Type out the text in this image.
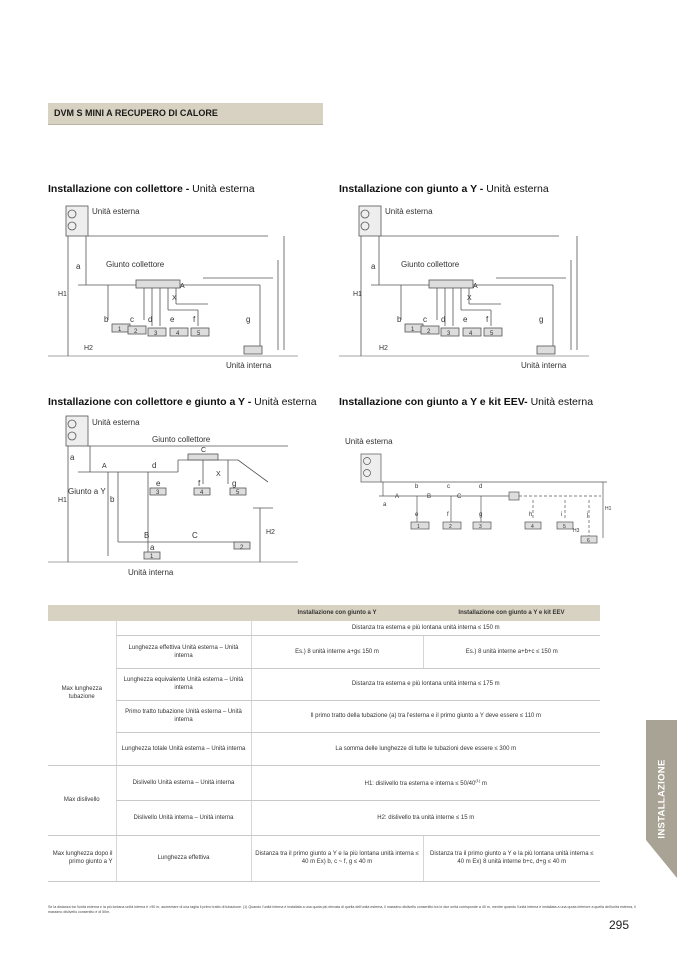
DVM S MINI A RECUPERO DI CALORE
Installazione con collettore - Unità esterna	Installazione con giunto a Y - Unità esterna
Installazione con collettore e giunto a Y - Unità esterna Installazione con giunto a Y e kit EEV- Unità esterna
Unità esterna
Giunto collettore
a
A
X
H1
H2
b	c d e f	g
1 2	3	4	5
Unità interna
Unità esterna
Giunto collettore
a
A
X
H1
H2
b	c d e f	g
1 2	3	4	5
Unità interna
Unità esterna
Giunto collettore
a
A
C
d
X
Giunto a Y
H1	b
e	f	g
3	4	5
B	C
a
1
2
H2
Unità interna
Unità esterna
a
A
b
B
c
C
d
e	f	g	h	i	j
1	2	3	4	5
6
H3
H1
		Installazione con giunto a Y	Installazione con giunto a Y e kit EEV
Max lunghezza tubazione		Distanza tra esterna e più lontana unità interna ≤ 150 m	
	Lunghezza effettiva Unità esterna – Unità interna	Es.) 8 unità interne a+g≤ 150 m	Es.) 8 unità interne a+b+c ≤ 150 m
	Lunghezza equivalente Unità esterna – Unità interna	Distanza tra esterna e più lontana unità interna ≤ 175 m	
	Primo tratto tubazione Unità esterna – Unità interna	Il primo tratto della tubazione (a) tra l'esterna e il primo giunto a Y deve essere ≤ 110 m	
	Lunghezza totale Unità esterna – Unità interna	La somma delle lunghezze di tutte le tubazioni deve essere ≤ 300 m	
Max dislivello	Dislivello Unità esterna – Unità interna	H1: dislivello tra esterna e interna ≤ $50/40^{(1)}$ m	
	Dislivello Unità interna – Unità interna	H2: dislivello tra unità interne ≤ 15 m	
Max lunghezza dopo il primo giunto a Y	Lunghezza effettiva	Distanza tra il primo giunto a Y e la più lontana unità interna ≤ 40 m Ex) b, c ~ f, g ≤ 40 m	Distanza tra il primo giunto a Y e la più lontana unità interna ≤ 40 m Ex) 8 unità interne b+c, d+g ≤ 40 m
Se la distanza tra l'unità esterna e la più lontana unità interna è >90 m, aumentare di una taglia il primo tratto di tubazione. (1) Quando l'unità interna è installata a una quota più elevata di quella dell'unità esterna, il massimo dislivello consentito tra le due unità corrisponde a 40 m, mentre quando l'unità interna è installata a una quota inferiore a quella dell'unità esterna, il massimo dislivello consentito è di 50m.
295
INSTALLAZIONE
